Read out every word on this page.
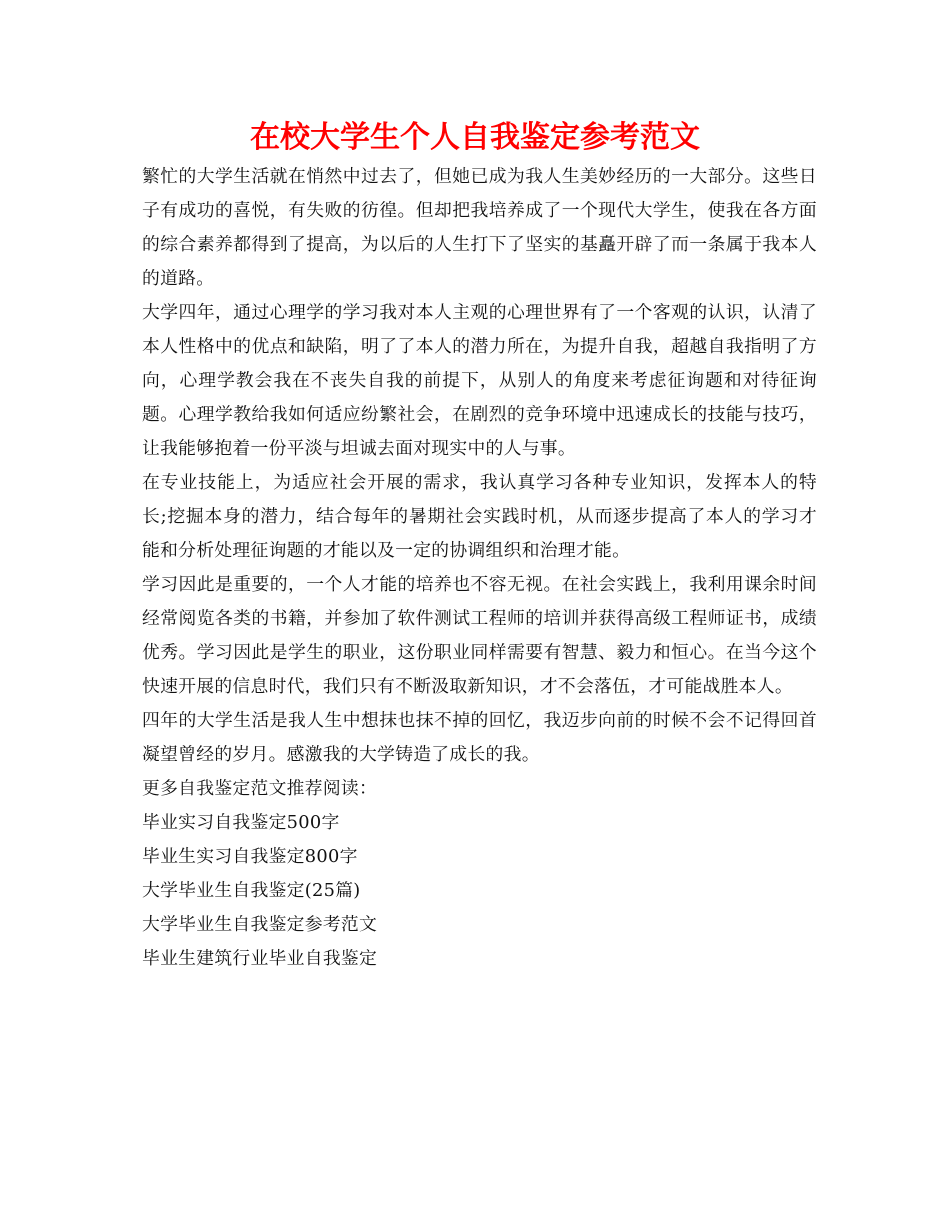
在校大学生个人自我鉴定参考范文

繁忙的大学生活就在悄然中过去了，但她已成为我人生美妙经历的一大部分。这些日子有成功的喜悦，有失败的彷徨。但却把我培养成了一个现代大学生，使我在各方面的综合素养都得到了提高，为以后的人生打下了坚实的基矗开辟了而一条属于我本人的道路。

大学四年，通过心理学的学习我对本人主观的心理世界有了一个客观的认识，认清了本人性格中的优点和缺陷，明了了本人的潜力所在，为提升自我，超越自我指明了方向，心理学教会我在不丧失自我的前提下，从别人的角度来考虑征询题和对待征询题。心理学教给我如何适应纷繁社会，在剧烈的竞争环境中迅速成长的技能与技巧，让我能够抱着一份平淡与坦诚去面对现实中的人与事。

在专业技能上，为适应社会开展的需求，我认真学习各种专业知识，发挥本人的特长;挖掘本身的潜力，结合每年的暑期社会实践时机，从而逐步提高了本人的学习才能和分析处理征询题的才能以及一定的协调组织和治理才能。

学习因此是重要的，一个人才能的培养也不容无视。在社会实践上，我利用课余时间经常阅览各类的书籍，并参加了软件测试工程师的培训并获得高级工程师证书，成绩优秀。学习因此是学生的职业，这份职业同样需要有智慧、毅力和恒心。在当今这个快速开展的信息时代，我们只有不断汲取新知识，才不会落伍，才可能战胜本人。

四年的大学生活是我人生中想抹也抹不掉的回忆，我迈步向前的时候不会不记得回首凝望曾经的岁月。感激我的大学铸造了成长的我。

更多自我鉴定范文推荐阅读：

毕业实习自我鉴定500字
毕业生实习自我鉴定800字
大学毕业生自我鉴定(25篇)
大学毕业生自我鉴定参考范文
毕业生建筑行业毕业自我鉴定
